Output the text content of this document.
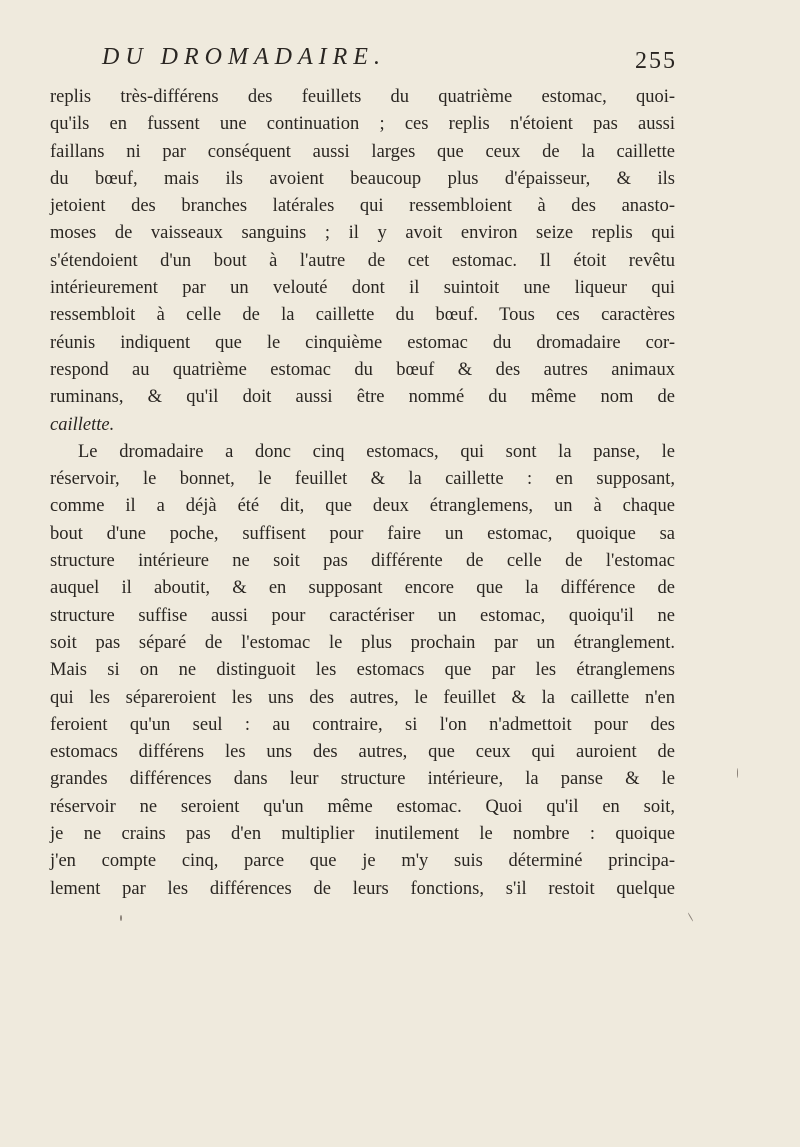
DU DROMADAIRE.	255
replis très-différens des feuillets du quatrième estomac, quoi-
qu'ils en fussent une continuation ; ces replis n'étoient pas aussi
faillans ni par conséquent aussi larges que ceux de la caillette
du bœuf, mais ils avoient beaucoup plus d'épaisseur, & ils
jetoient des branches latérales qui ressembloient à des anasto-
moses de vaisseaux sanguins ; il y avoit environ seize replis qui
s'étendoient d'un bout à l'autre de cet estomac. Il étoit revêtu
intérieurement par un velouté dont il suintoit une liqueur qui
ressembloit à celle de la caillette du bœuf. Tous ces caractères
réunis indiquent que le cinquième estomac du dromadaire cor-
respond au quatrième estomac du bœuf & des autres animaux
ruminans, & qu'il doit aussi être nommé du même nom de
caillette.
Le dromadaire a donc cinq estomacs, qui sont la panse, le
réservoir, le bonnet, le feuillet & la caillette : en supposant,
comme il a déjà été dit, que deux étranglemens, un à chaque
bout d'une poche, suffisent pour faire un estomac, quoique sa
structure intérieure ne soit pas différente de celle de l'estomac
auquel il aboutit, & en supposant encore que la différence de
structure suffise aussi pour caractériser un estomac, quoiqu'il ne
soit pas séparé de l'estomac le plus prochain par un étranglement.
Mais si on ne distinguoit les estomacs que par les étranglemens
qui les sépareroient les uns des autres, le feuillet & la caillette n'en
feroient qu'un seul : au contraire, si l'on n'admettoit pour des
estomacs différens les uns des autres, que ceux qui auroient de
grandes différences dans leur structure intérieure, la panse & le
réservoir ne seroient qu'un même estomac. Quoi qu'il en soit,
je ne crains pas d'en multiplier inutilement le nombre : quoique
j'en compte cinq, parce que je m'y suis déterminé principa-
lement par les différences de leurs fonctions, s'il restoit quelque
